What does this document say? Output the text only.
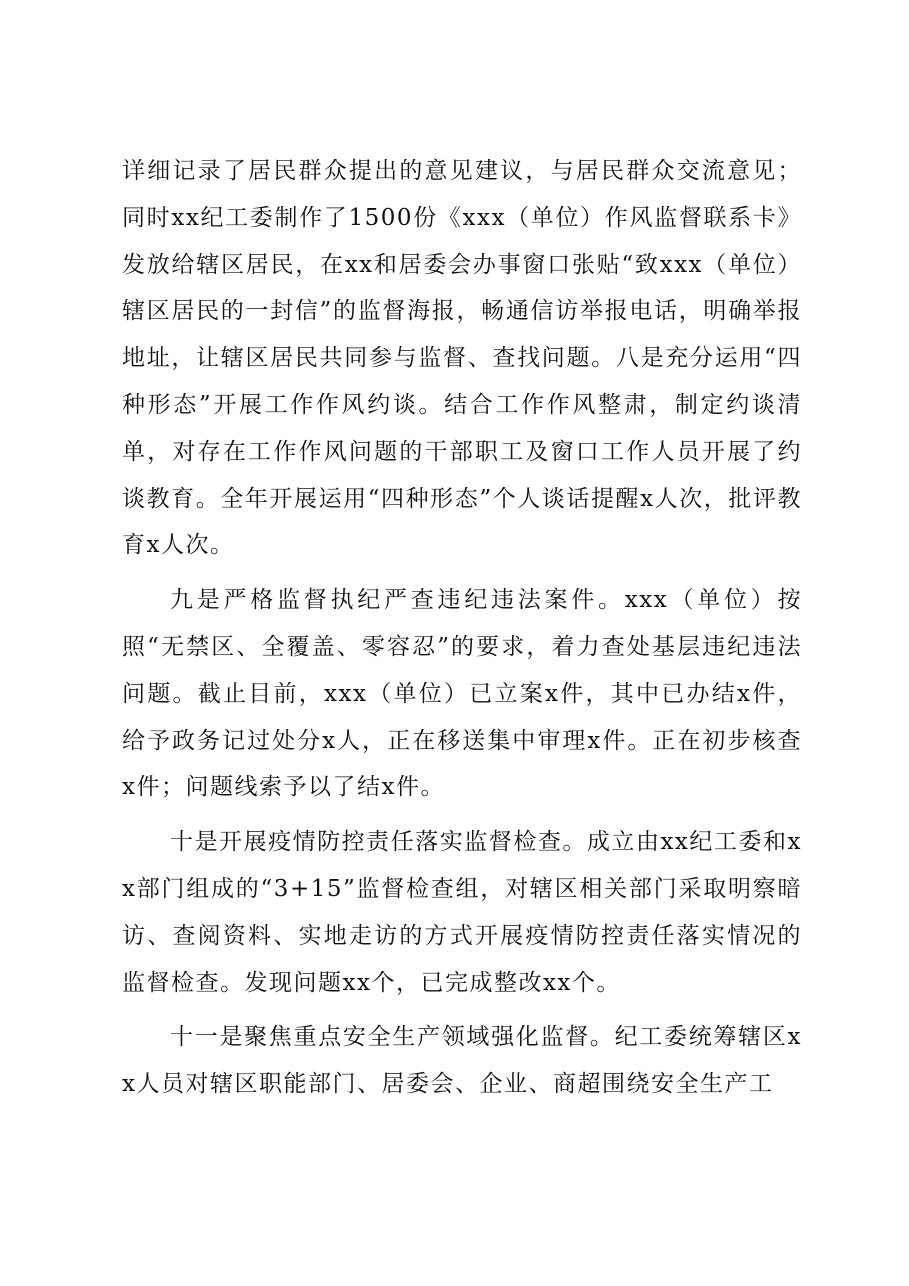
详细记录了居民群众提出的意见建议，与居民群众交流意见；同时xx纪工委制作了1500份《xxx（单位）作风监督联系卡》发放给辖区居民，在xx和居委会办事窗口张贴“致xxx（单位）辖区居民的一封信”的监督海报，畅通信访举报电话，明确举报地址，让辖区居民共同参与监督、查找问题。八是充分运用“四种形态”开展工作作风约谈。结合工作作风整肃，制定约谈清单，对存在工作作风问题的干部职工及窗口工作人员开展了约谈教育。全年开展运用“四种形态”个人谈话提醒x人次，批评教育x人次。

九是严格监督执纪严查违纪违法案件。xxx（单位）按照“无禁区、全覆盖、零容忍”的要求，着力查处基层违纪违法问题。截止目前，xxx（单位）已立案x件，其中已办结x件，给予政务记过处分x人，正在移送集中审理x件。正在初步核查x件；问题线索予以了结x件。

十是开展疫情防控责任落实监督检查。成立由xx纪工委和xx部门组成的“3+15”监督检查组，对辖区相关部门采取明察暗访、查阅资料、实地走访的方式开展疫情防控责任落实情况的监督检查。发现问题xx个，已完成整改xx个。

十一是聚焦重点安全生产领域强化监督。纪工委统筹辖区xx人员对辖区职能部门、居委会、企业、商超围绕安全生产工
